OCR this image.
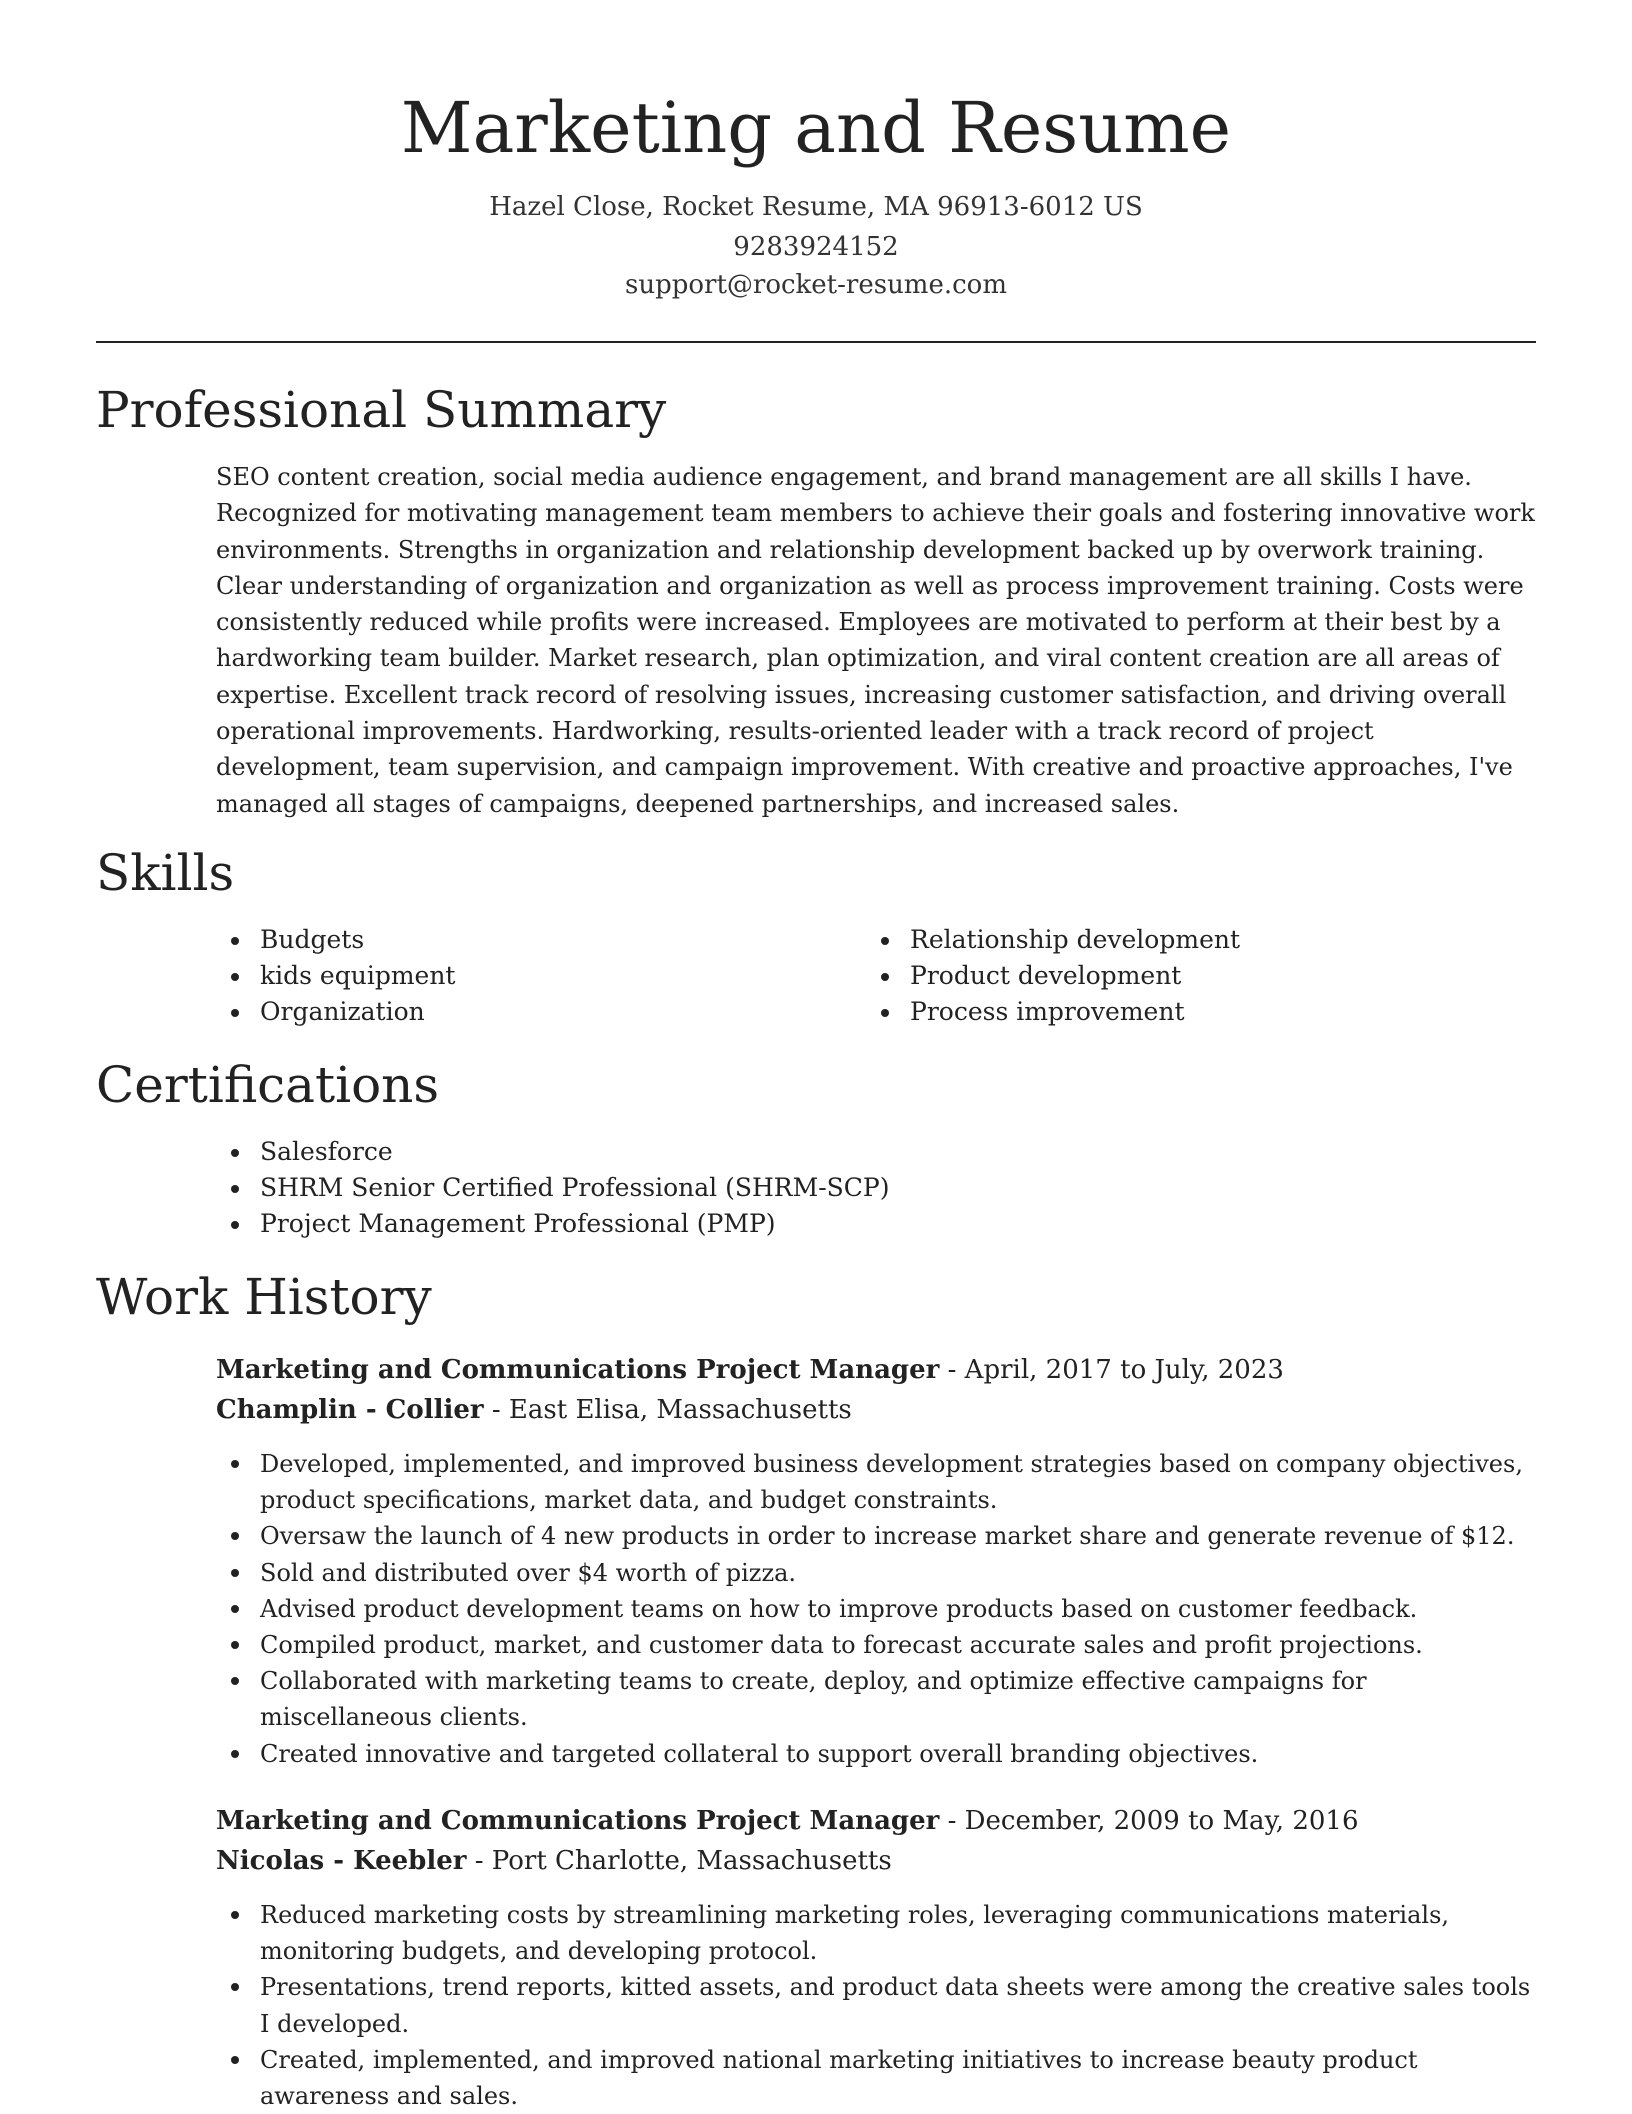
Marketing and Resume
Hazel Close, Rocket Resume, MA 96913-6012 US
9283924152
support@rocket-resume.com
Professional Summary

SEO content creation, social media audience engagement, and brand management are all skills I have. Recognized for motivating management team members to achieve their goals and fostering innovative work environments. Strengths in organization and relationship development backed up by overwork training. Clear understanding of organization and organization as well as process improvement training. Costs were consistently reduced while profits were increased. Employees are motivated to perform at their best by a hardworking team builder. Market research, plan optimization, and viral content creation are all areas of expertise. Excellent track record of resolving issues, increasing customer satisfaction, and driving overall operational improvements. Hardworking, results-oriented leader with a track record of project development, team supervision, and campaign improvement. With creative and proactive approaches, I've managed all stages of campaigns, deepened partnerships, and increased sales.

Skills
Budgets
kids equipment
Organization
Relationship development
Product development
Process improvement
Certifications
Salesforce
SHRM Senior Certified Professional (SHRM-SCP)
Project Management Professional (PMP)
Work History
Marketing and Communications Project Manager - April, 2017 to July, 2023
Champlin - Collier - East Elisa, Massachusetts
Developed, implemented, and improved business development strategies based on company objectives, product specifications, market data, and budget constraints.
Oversaw the launch of 4 new products in order to increase market share and generate revenue of $12.
Sold and distributed over $4 worth of pizza.
Advised product development teams on how to improve products based on customer feedback.
Compiled product, market, and customer data to forecast accurate sales and profit projections.
Collaborated with marketing teams to create, deploy, and optimize effective campaigns for miscellaneous clients.
Created innovative and targeted collateral to support overall branding objectives.
Marketing and Communications Project Manager - December, 2009 to May, 2016
Nicolas - Keebler - Port Charlotte, Massachusetts
Reduced marketing costs by streamlining marketing roles, leveraging communications materials, monitoring budgets, and developing protocol.
Presentations, trend reports, kitted assets, and product data sheets were among the creative sales tools I developed.
Created, implemented, and improved national marketing initiatives to increase beauty product awareness and sales.
